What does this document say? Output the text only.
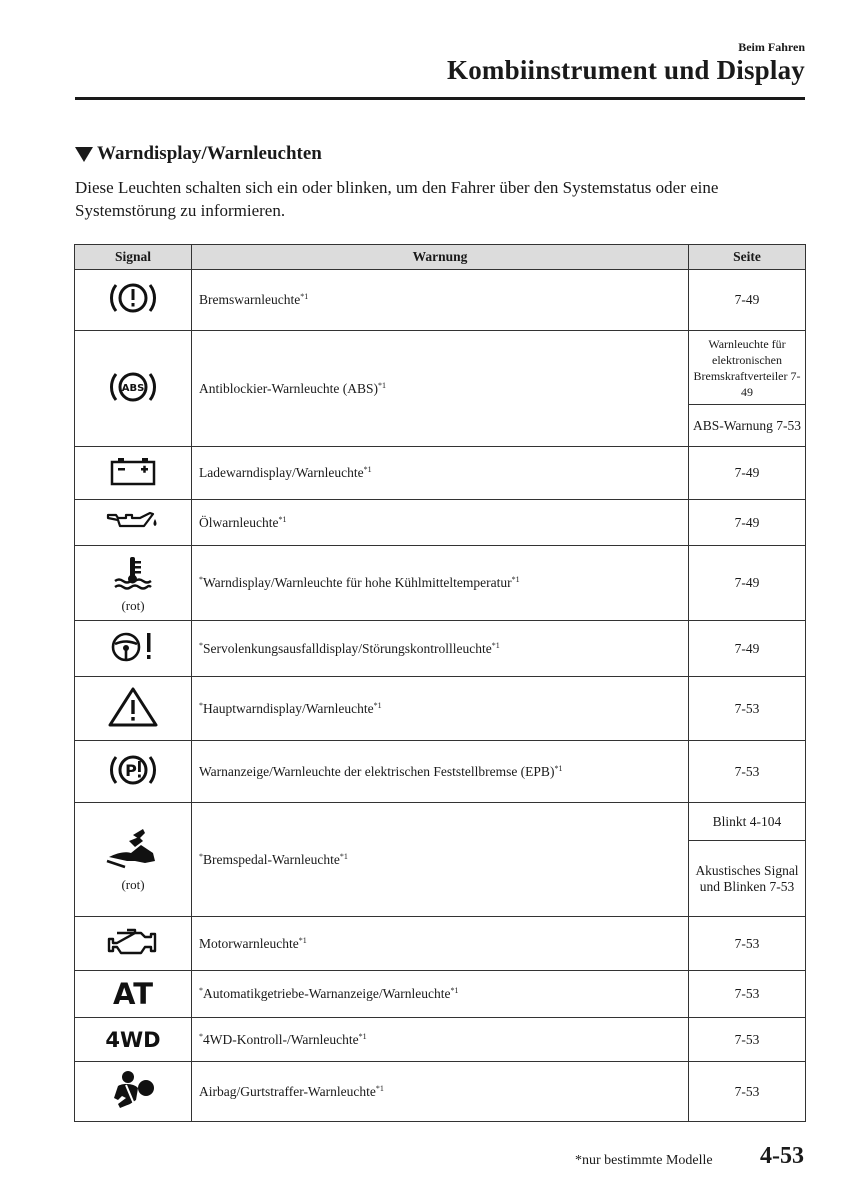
Beim Fahren
Kombiinstrument und Display
Warndisplay/Warnleuchten
Diese Leuchten schalten sich ein oder blinken, um den Fahrer über den Systemstatus oder eine Systemstörung zu informieren.
Signal	Warnung	Seite
	Bremswarnleuchte$^{*1}$	7-49

ABS	Antiblockier-Warnleuchte (ABS)$^{*1}$	Warnleuchte für elektronischen Bremskraftverteiler 7-49
		ABS-Warnung 7-53
	Ladewarndisplay/Warnleuchte$^{*1}$	7-49
	Ölwarnleuchte$^{*1}$	7-49

(rot)	*Warndisplay/Warnleuchte für hohe Kühlmitteltemperatur$^{*1}$	7-49
	*Servolenkungsausfalldisplay/Störungskontrollleuchte$^{*1}$	7-49
	*Hauptwarndisplay/Warnleuchte$^{*1}$	7-53

P	Warnanzeige/Warnleuchte der elektrischen Feststellbremse (EPB)$^{*1}$	7-53

(rot)	*Bremspedal-Warnleuchte$^{*1}$	Blinkt 4-104
		Akustisches Signal und Blinken 7-53
	Motorwarnleuchte$^{*1}$	7-53
AT	*Automatikgetriebe-Warnanzeige/Warnleuchte$^{*1}$	7-53
4WD	*4WD-Kontroll-/Warnleuchte$^{*1}$	7-53
	Airbag/Gurtstraffer-Warnleuchte$^{*1}$	7-53
*nur bestimmte Modelle 4-53
